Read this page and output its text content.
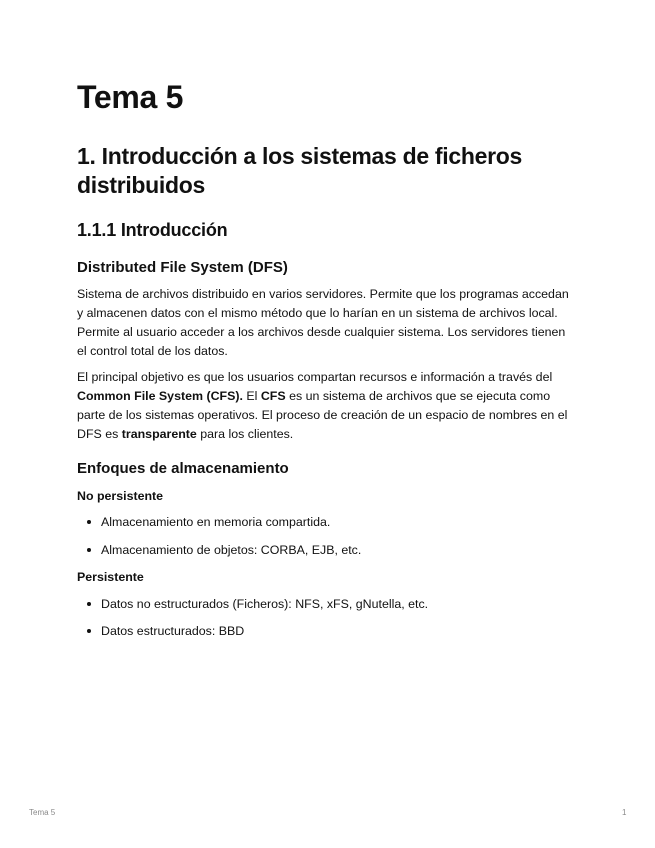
Tema 5
1. Introducción a los sistemas de ficheros distribuidos
1.1.1 Introducción
Distributed File System (DFS)

Sistema de archivos distribuido en varios servidores. Permite que los programas accedan y almacenen datos con el mismo método que lo harían en un sistema de archivos local. Permite al usuario acceder a los archivos desde cualquier sistema. Los servidores tienen el control total de los datos.

El principal objetivo es que los usuarios compartan recursos e información a través del Common File System (CFS). El CFS es un sistema de archivos que se ejecuta como parte de los sistemas operativos. El proceso de creación de un espacio de nombres en el DFS es transparente para los clientes.

Enfoques de almacenamiento
No persistente
Almacenamiento en memoria compartida.
Almacenamiento de objetos: CORBA, EJB, etc.
Persistente
Datos no estructurados (Ficheros): NFS, xFS, gNutella, etc.
Datos estructurados: BBD
Tema 5	1
